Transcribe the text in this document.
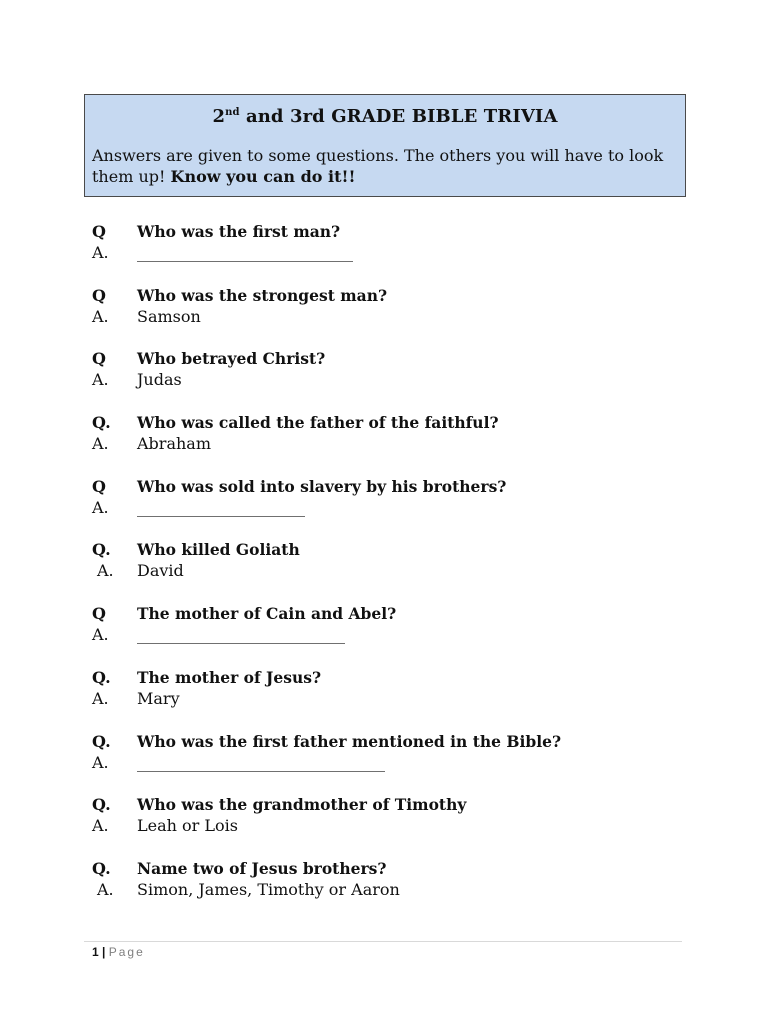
2nd and 3rd GRADE BIBLE TRIVIA
Answers are given to some questions. The others you will have to look them up! Know you can do it!!
Q Who was the first man?
A. ___________________________
Q Who was the strongest man?
A. Samson
Q Who betrayed Christ?
A. Judas
Q. Who was called the father of the faithful?
A. Abraham
Q Who was sold into slavery by his brothers?
A. _____________________
Q. Who killed Goliath
A. David
Q The mother of Cain and Abel?
A. __________________________
Q. The mother of Jesus?
A. Mary
Q. Who was the first father mentioned in the Bible?
A. _______________________________
Q. Who was the grandmother of Timothy
A. Leah or Lois
Q. Name two of Jesus brothers?
A. Simon, James, Timothy or Aaron
1 | Page
